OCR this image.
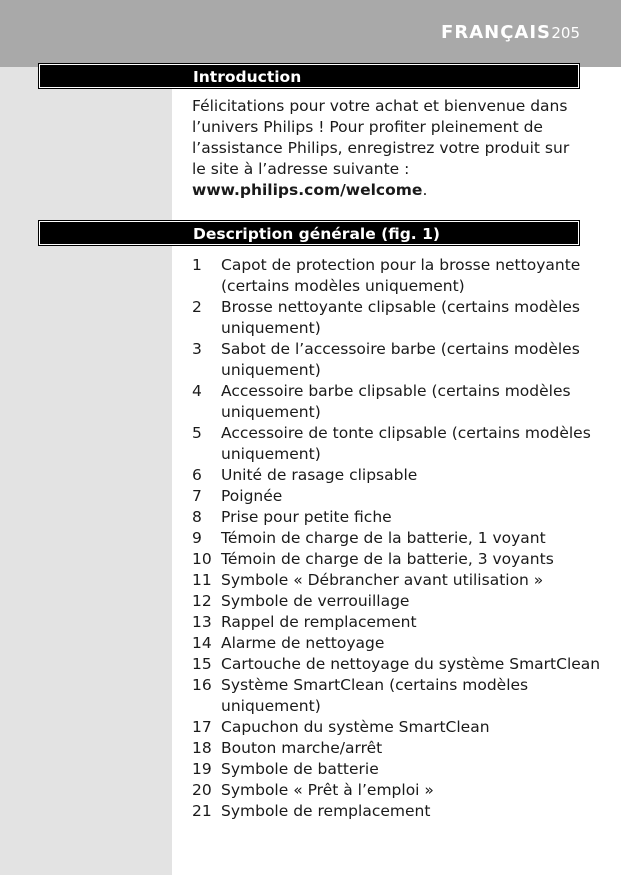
FRANÇAIS 205
Introduction
Félicitations pour votre achat et bienvenue dans l’univers Philips ! Pour profiter pleinement de l’assistance Philips, enregistrez votre produit sur le site à l’adresse suivante : www.philips.com/welcome.
Description générale (fig. 1)
1	Capot de protection pour la brosse nettoyante (certains modèles uniquement)
2	Brosse nettoyante clipsable (certains modèles uniquement)
3	Sabot de l’accessoire barbe (certains modèles uniquement)
4	Accessoire barbe clipsable (certains modèles uniquement)
5	Accessoire de tonte clipsable (certains modèles uniquement)
6	Unité de rasage clipsable
7	Poignée
8	Prise pour petite fiche
9	Témoin de charge de la batterie, 1 voyant
10 Témoin de charge de la batterie, 3 voyants
11 Symbole « Débrancher avant utilisation »
12 Symbole de verrouillage
13 Rappel de remplacement
14 Alarme de nettoyage
15 Cartouche de nettoyage du système SmartClean
16 Système SmartClean (certains modèles uniquement)
17 Capuchon du système SmartClean
18 Bouton marche/arrêt
19 Symbole de batterie
20 Symbole « Prêt à l’emploi »
21 Symbole de remplacement
